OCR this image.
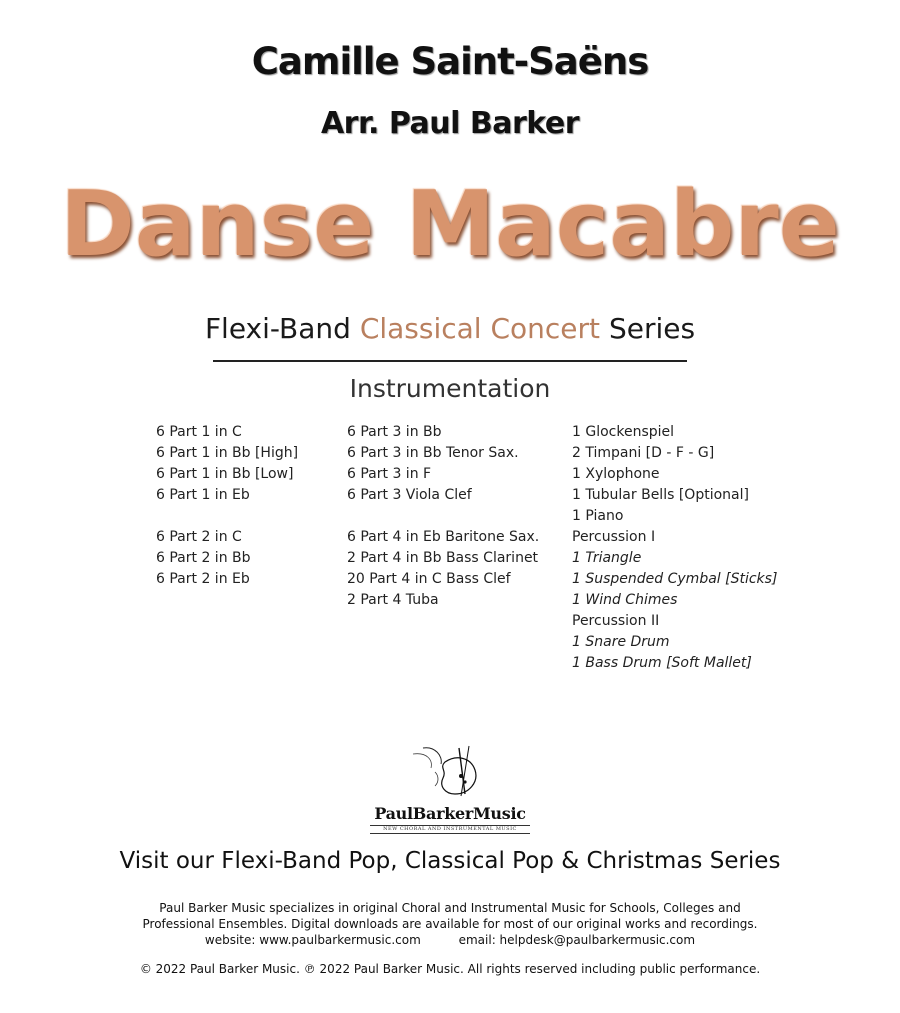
Camille Saint-Saëns
Arr. Paul Barker
Danse Macabre
Flexi-Band Classical Concert Series
Instrumentation
6 Part 1 in C
6 Part 1 in Bb [High]
6 Part 1 in Bb [Low]
6 Part 1 in Eb
6 Part 2 in C
6 Part 2 in Bb
6 Part 2 in Eb
6 Part 3 in Bb
6 Part 3 in Bb Tenor Sax.
6 Part 3 in F
6 Part 3 Viola Clef
6 Part 4 in Eb Baritone Sax.
2 Part 4 in Bb Bass Clarinet
20 Part 4 in C Bass Clef
2 Part 4 Tuba
1 Glockenspiel
2 Timpani [D - F - G]
1 Xylophone
1 Tubular Bells [Optional]
1 Piano
Percussion I
1 Triangle
1 Suspended Cymbal [Sticks]
1 Wind Chimes
Percussion II
1 Snare Drum
1 Bass Drum [Soft Mallet]
PaulBarkerMusic
NEW CHORAL AND INSTRUMENTAL MUSIC
Visit our Flexi-Band Pop, Classical Pop & Christmas Series
Paul Barker Music specializes in original Choral and Instrumental Music for Schools, Colleges and
Professional Ensembles. Digital downloads are available for most of our original works and recordings.
website: www.paulbarkermusic.com	email: helpdesk@paulbarkermusic.com
© 2022 Paul Barker Music. ℗ 2022 Paul Barker Music. All rights reserved including public performance.
